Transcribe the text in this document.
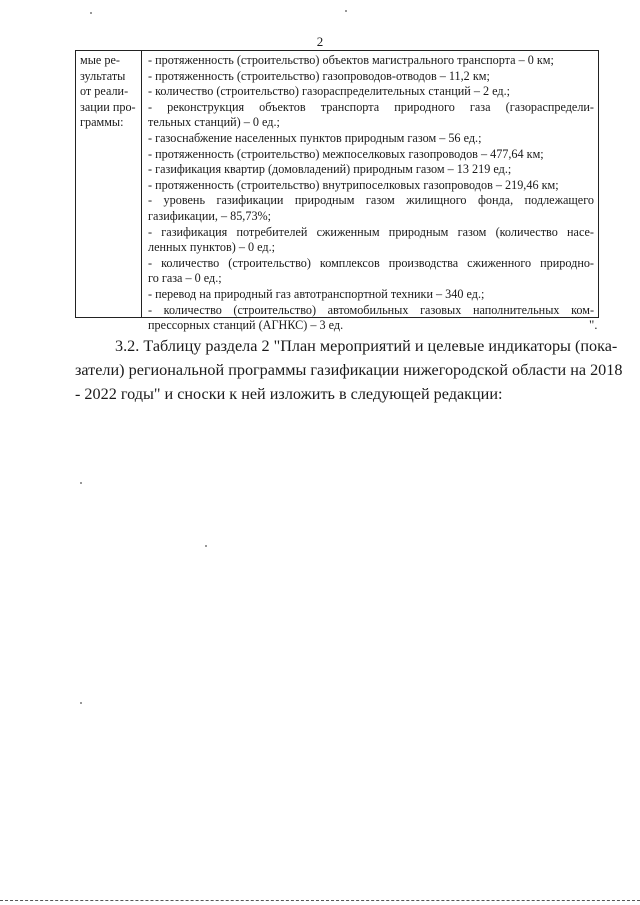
2
мые ре-
зультаты
от реали-
зации про-
граммы:
- протяженность (строительство) объектов магистрального транспорта – 0 км;
- протяженность (строительство) газопроводов-отводов – 11,2 км;
- количество (строительство) газораспределительных станций – 2 ед.;
- реконструкция объектов транспорта природного газа (газораспредели-
тельных станций) – 0 ед.;
- газоснабжение населенных пунктов природным газом – 56 ед.;
- протяженность (строительство) межпоселковых газопроводов – 477,64 км;
- газификация квартир (домовладений) природным газом – 13 219 ед.;
- протяженность (строительство) внутрипоселковых газопроводов – 219,46 км;
- уровень газификации природным газом жилищного фонда, подлежащего
газификации, – 85,73%;
- газификация потребителей сжиженным природным газом (количество насе-
ленных пунктов) – 0 ед.;
- количество (строительство) комплексов производства сжиженного природно-
го газа – 0 ед.;
- перевод на природный газ автотранспортной техники – 340 ед.;
- количество (строительство) автомобильных газовых наполнительных ком-
прессорных станций (АГНКС) – 3 ед.	".
3.2. Таблицу раздела 2 "План мероприятий и целевые индикаторы (пока-
затели) региональной программы газификации нижегородской области на 2018
- 2022 годы" и сноски к ней изложить в следующей редакции:
